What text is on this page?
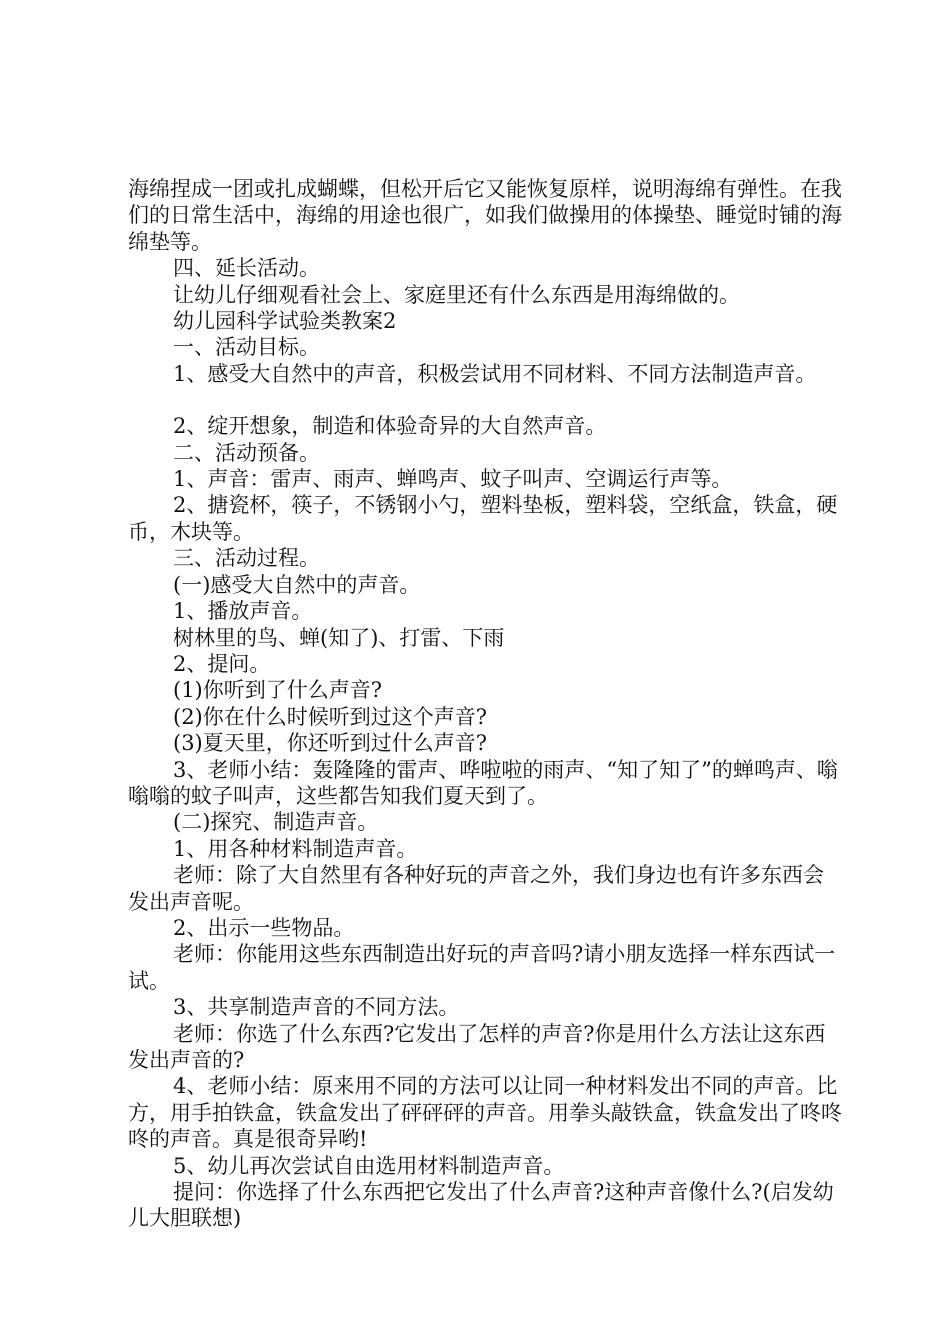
海绵捏成一团或扎成蝴蝶，但松开后它又能恢复原样，说明海绵有弹性。在我们的日常生活中，海绵的用途也很广，如我们做操用的体操垫、睡觉时铺的海绵垫等。

四、延长活动。

让幼儿仔细观看社会上、家庭里还有什么东西是用海绵做的。

幼儿园科学试验类教案2

一、活动目标。

1、感受大自然中的声音，积极尝试用不同材料、不同方法制造声音。

2、绽开想象，制造和体验奇异的大自然声音。

二、活动预备。

1、声音：雷声、雨声、蝉鸣声、蚊子叫声、空调运行声等。

2、搪瓷杯，筷子，不锈钢小勺，塑料垫板，塑料袋，空纸盒，铁盒，硬币，木块等。

三、活动过程。

(一)感受大自然中的声音。

1、播放声音。

树林里的鸟、蝉(知了)、打雷、下雨

2、提问。

(1)你听到了什么声音?

(2)你在什么时候听到过这个声音?

(3)夏天里，你还听到过什么声音?

3、老师小结：轰隆隆的雷声、哗啦啦的雨声、“知了知了”的蝉鸣声、嗡嗡嗡的蚊子叫声，这些都告知我们夏天到了。

(二)探究、制造声音。

1、用各种材料制造声音。

老师：除了大自然里有各种好玩的声音之外，我们身边也有许多东西会发出声音呢。

2、出示一些物品。

老师：你能用这些东西制造出好玩的声音吗?请小朋友选择一样东西试一试。

3、共享制造声音的不同方法。

老师：你选了什么东西?它发出了怎样的声音?你是用什么方法让这东西发出声音的?

4、老师小结：原来用不同的方法可以让同一种材料发出不同的声音。比方，用手拍铁盒，铁盒发出了砰砰砰的声音。用拳头敲铁盒，铁盒发出了咚咚咚的声音。真是很奇异哟!

5、幼儿再次尝试自由选用材料制造声音。

提问：你选择了什么东西把它发出了什么声音?这种声音像什么?(启发幼儿大胆联想)
